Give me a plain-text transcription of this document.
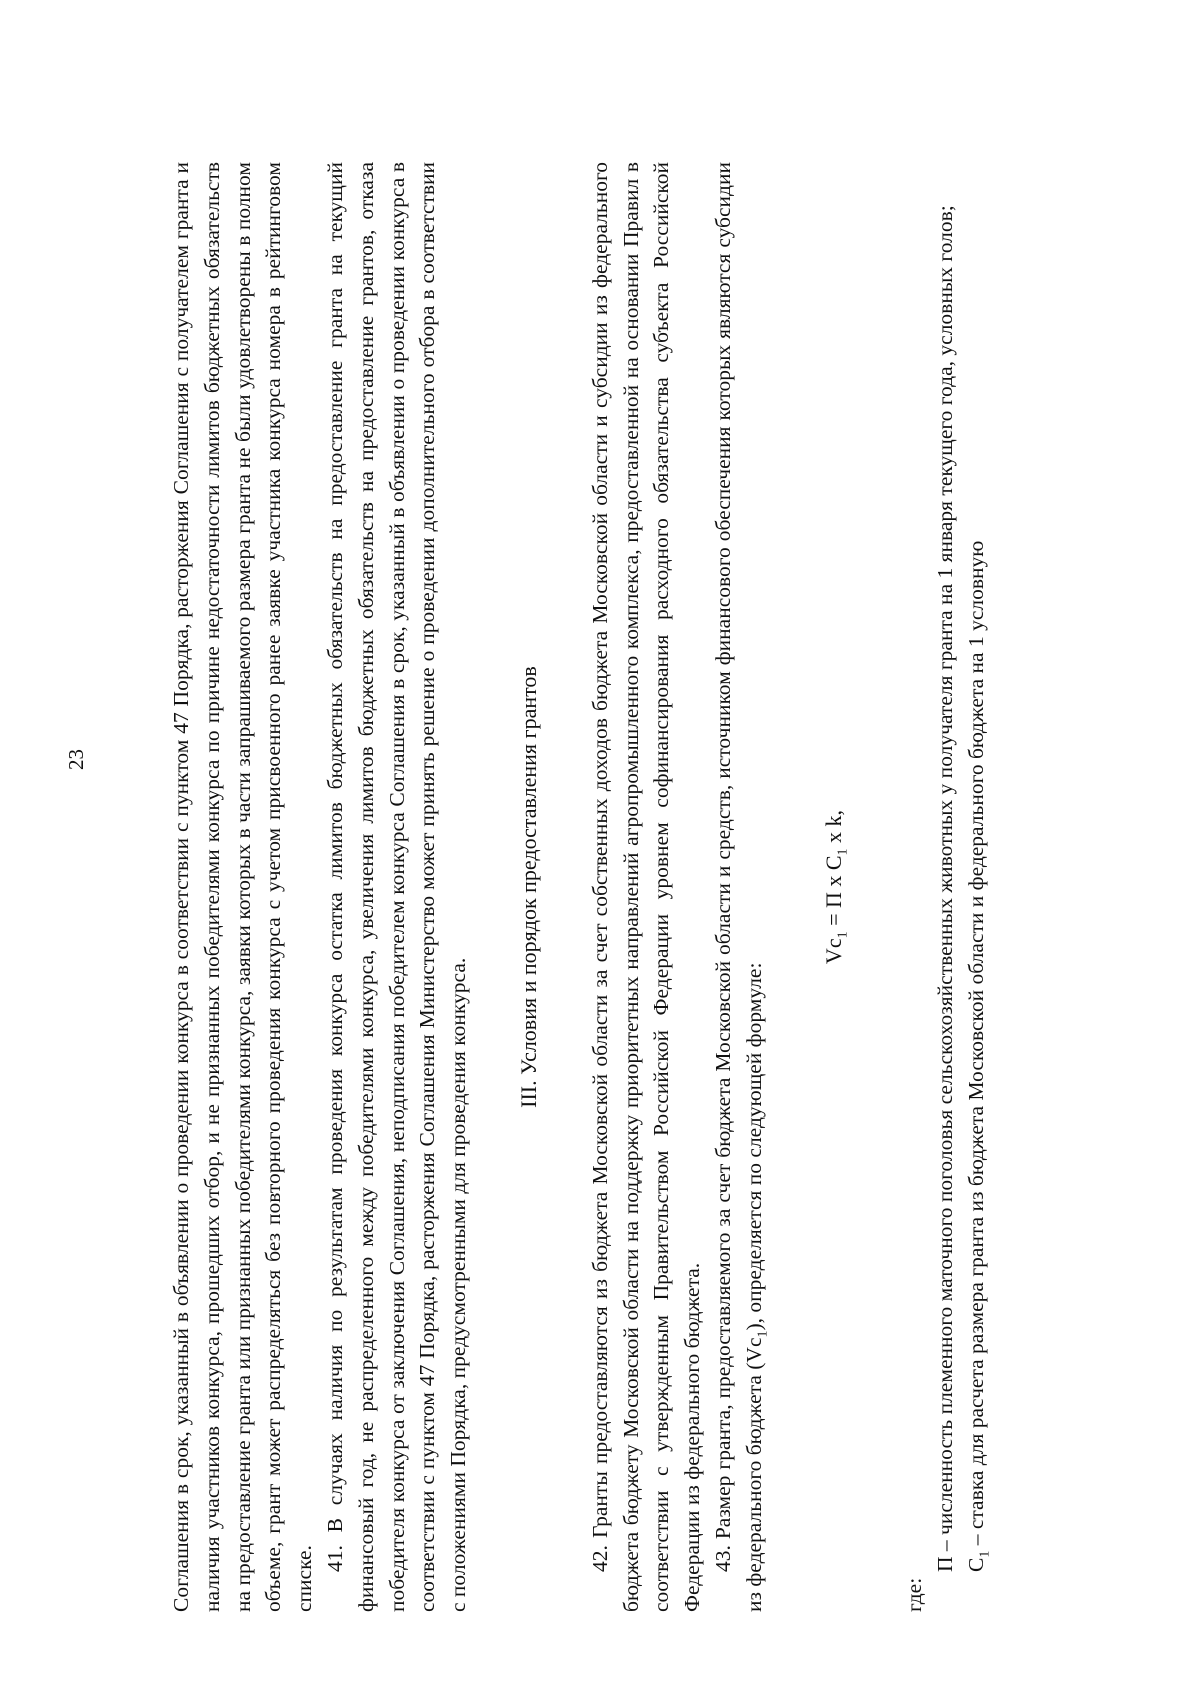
23	Соглашения в срок, указанный в объявлении о проведении конкурса в соответствии с пунктом 47 Порядка, расторжения Соглашения с получателем гранта и наличия участников конкурса, прошедших отбор, и не признанных победителями конкурса по причине недостаточности лимитов бюджетных обязательств на предоставление гранта или признанных победителями конкурса, заявки которых в части запрашиваемого размера гранта не были удовлетворены в полном объеме, грант может распределяться без повторного проведения конкурса с учетом присвоенного ранее заявке участника конкурса номера в рейтинговом списке.

41. В случаях наличия по результатам проведения конкурса остатка лимитов бюджетных обязательств на предоставление гранта на текущий финансовый год, не распределенного между победителями конкурса, увеличения лимитов бюджетных обязательств на предоставление грантов, отказа победителя конкурса от заключения Соглашения, неподписания победителем конкурса Соглашения в срок, указанный в объявлении о проведении конкурса в соответствии с пунктом 47 Порядка, расторжения Соглашения Министерство может принять решение о проведении дополнительного отбора в соответствии с положениями Порядка, предусмотренными для проведения конкурса.

III. Условия и порядок предоставления грантов 42. Гранты предоставляются из бюджета Московской области за счет собственных доходов бюджета Московской области и субсидии из федерального бюджета бюджету Московской области на поддержку приоритетных направлений агропромышленного комплекса, предоставленной на основании Правил в соответствии с утвержденным Правительством Российской Федерации уровнем софинансирования расходного обязательства субъекта Российской Федерации из федерального бюджета. 43. Размер гранта, предоставляемого за счет бюджета Московской области и средств, источником финансового обеспечения которых являются субсидии из федерального бюджета $(Vc_1)$, определяется по следующей формуле:

$Vc_1 = П$ x $C_1$ x k,

где:

П – численность племенного маточного поголовья сельскохозяйственных животных у получателя гранта на 1 января текущего года, условных голов; $C_1$ – ставка для расчета размера гранта из бюджета Московской области и федерального бюджета на 1 условную
